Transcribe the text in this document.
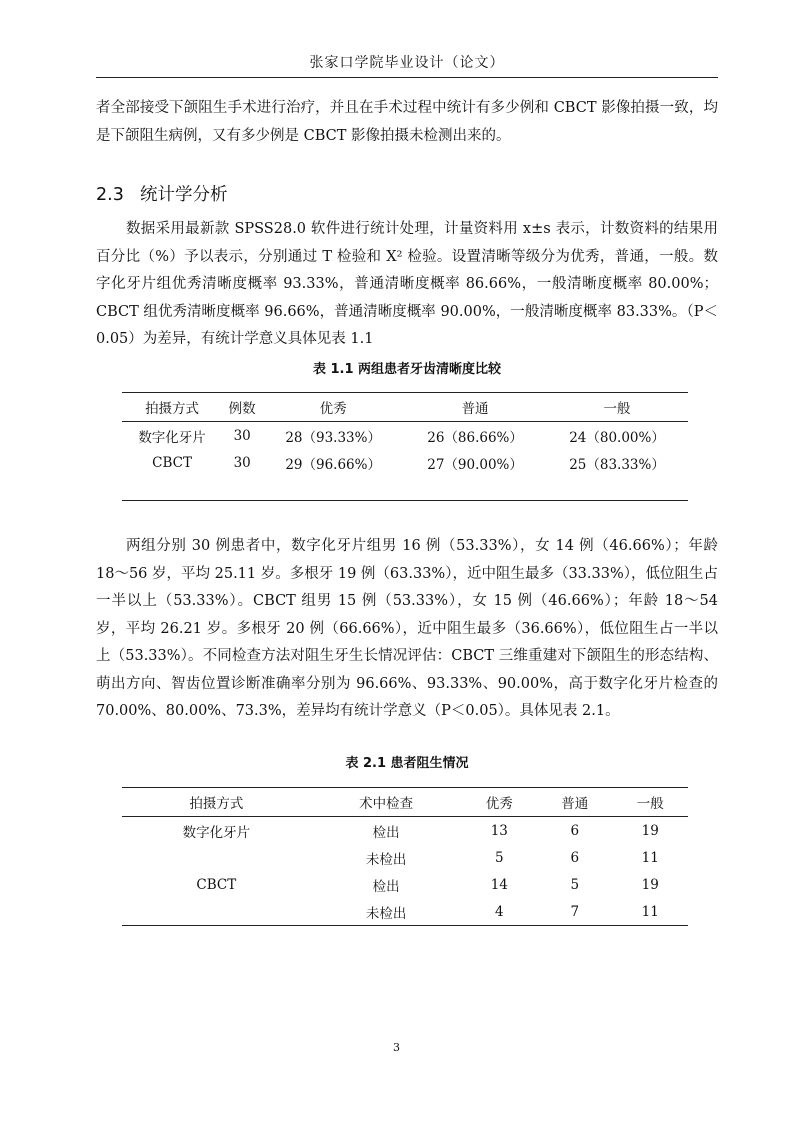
张家口学院毕业设计（论文）

者全部接受下颌阻生手术进行治疗，并且在手术过程中统计有多少例和 CBCT 影像拍摄一致，均是下颌阻生病例，又有多少例是 CBCT 影像拍摄未检测出来的。

2.3 统计学分析

数据采用最新款 SPSS28.0 软件进行统计处理，计量资料用 x±s 表示，计数资料的结果用百分比（%）予以表示，分别通过 T 检验和 X² 检验。设置清晰等级分为优秀，普通，一般。数字化牙片组优秀清晰度概率 93.33%，普通清晰度概率 86.66%，一般清晰度概率 80.00%；CBCT 组优秀清晰度概率 96.66%，普通清晰度概率 90.00%，一般清晰度概率 83.33%。（P＜0.05）为差异，有统计学意义具体见表 1.1

表 1.1 两组患者牙齿清晰度比较
拍摄方式	例数	优秀	普通	一般
数字化牙片	30	28（93.33%）	26（86.66%）	24（80.00%）
CBCT	30	29（96.66%）	27（90.00%）	25（83.33%）

两组分别 30 例患者中，数字化牙片组男 16 例（53.33%），女 14 例（46.66%）；年龄 18～56 岁，平均 25.11 岁。多根牙 19 例（63.33%），近中阻生最多（33.33%），低位阻生占一半以上（53.33%）。CBCT 组男 15 例（53.33%），女 15 例（46.66%）；年龄 18～54 岁，平均 26.21 岁。多根牙 20 例（66.66%），近中阻生最多（36.66%），低位阻生占一半以上（53.33%）。不同检查方法对阻生牙生长情况评估：CBCT 三维重建对下颌阻生的形态结构、萌出方向、智齿位置诊断准确率分别为 96.66%、93.33%、90.00%，高于数字化牙片检查的 70.00%、80.00%、73.3%，差异均有统计学意义（P＜0.05）。具体见表 2.1。

表 2.1 患者阻生情况
拍摄方式	术中检查	优秀	普通	一般
数字化牙片	检出	13	6	19
	未检出	5	6	11
CBCT	检出	14	5	19
	未检出	4	7	11
3
